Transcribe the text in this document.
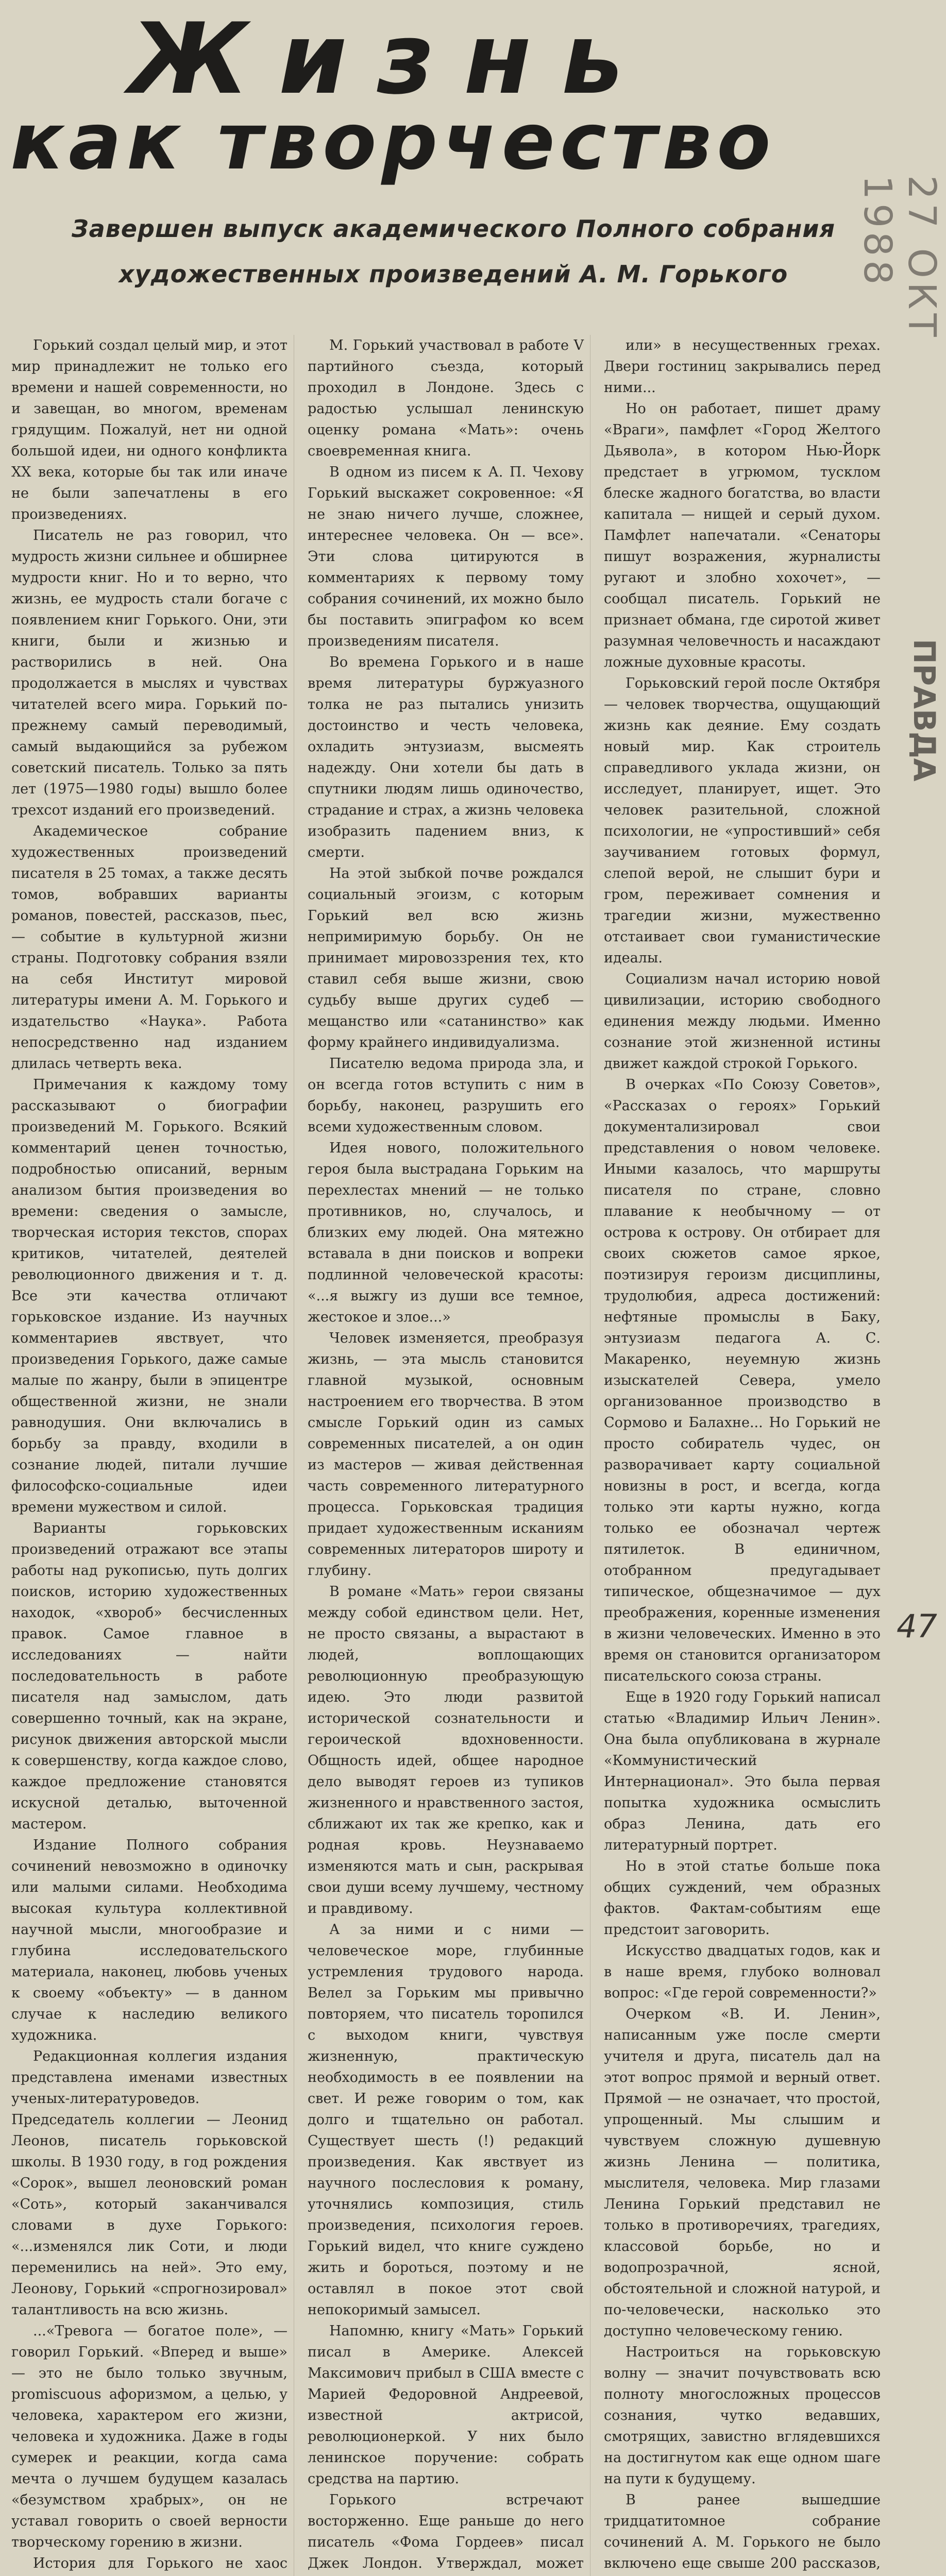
Жизнь
как творчество
Завершен выпуск академического Полного собрания художественных произведений А. М. Горького	27 ОКТ 1988
ПРАВДА
47

Горький создал целый мир, и этот мир принадлежит не только его времени и нашей современности, но и завещан, во многом, временам грядущим. Пожалуй, нет ни одной большой идеи, ни одного конфликта ХХ века, которые бы так или иначе не были запечатлены в его произведениях.

Писатель не раз говорил, что мудрость жизни сильнее и обширнее мудрости книг. Но и то верно, что жизнь, ее мудрость стали богаче с появлением книг Горького. Они, эти книги, были и жизнью и растворились в ней. Она продолжается в мыслях и чувствах читателей всего мира. Горький по-прежнему самый переводимый, самый выдающийся за рубежом советский писатель. Только за пять лет (1975—1980 годы) вышло более трехсот изданий его произведений.

Академическое собрание художественных произведений писателя в 25 томах, а также десять томов, вобравших варианты романов, повестей, рассказов, пьес, — событие в культурной жизни страны. Подготовку собрания взяли на себя Институт мировой литературы имени А. М. Горького и издательство «Наука». Работа непосредственно над изданием длилась четверть века.

Примечания к каждому тому рассказывают о биографии произведений М. Горького. Всякий комментарий ценен точностью, подробностью описаний, верным анализом бытия произведения во времени: сведения о замысле, творческая история текстов, спорах критиков, читателей, деятелей революционного движения и т. д. Все эти качества отличают горьковское издание. Из научных комментариев явствует, что произведения Горького, даже самые малые по жанру, были в эпицентре общественной жизни, не знали равнодушия. Они включались в борьбу за правду, входили в сознание людей, питали лучшие философско-социальные идеи времени мужеством и силой.

Варианты горьковских произведений отражают все этапы работы над рукописью, путь долгих поисков, историю художественных находок, «хвороб» бесчисленных правок. Самое главное в исследованиях — найти последовательность в работе писателя над замыслом, дать совершенно точный, как на экране, рисунок движения авторской мысли к совершенству, когда каждое слово, каждое предложение становятся искусной деталью, выточенной мастером.

Издание Полного собрания сочинений невозможно в одиночку или малыми силами. Необходима высокая культура коллективной научной мысли, многообразие и глубина исследовательского материала, наконец, любовь ученых к своему «объекту» — в данном случае к наследию великого художника.

Редакционная коллегия издания представлена именами известных ученых-литературоведов. Председатель коллегии — Леонид Леонов, писатель горьковской школы. В 1930 году, в год рождения «Сорок», вышел леоновский роман «Соть», который заканчивался словами в духе Горького: «...изменялся лик Соти, и люди переменились на ней». Это ему, Леонову, Горький «спрогнозировал» талантливость на всю жизнь.

...«Тревога — богатое поле», — говорил Горький. «Вперед и выше» — это не было только звучным, promiscuous афоризмом, а целью, у человека, характером его жизни, человека и художника. Даже в годы сумерек и реакции, когда сама мечта о лучшем будущем казалась «безумством храбрых», он не уставал говорить о своей верности творческому горению в жизни.

История для Горького не хаос

М. Горький участвовал в работе V партийного съезда, который проходил в Лондоне. Здесь с радостью услышал ленинскую оценку романа «Мать»: очень своевременная книга.

В одном из писем к А. П. Чехову Горький выскажет сокровенное: «Я не знаю ничего лучше, сложнее, интереснее человека. Он — все». Эти слова цитируются в комментариях к первому тому собрания сочинений, их можно было бы поставить эпиграфом ко всем произведениям писателя.

Во времена Горького и в наше время литературы буржуазного толка не раз пытались унизить достоинство и честь человека, охладить энтузиазм, высмеять надежду. Они хотели бы дать в спутники людям лишь одиночество, страдание и страх, а жизнь человека изобразить падением вниз, к смерти.

На этой зыбкой почве рождался социальный эгоизм, с которым Горький вел всю жизнь непримиримую борьбу. Он не принимает мировоззрения тех, кто ставил себя выше жизни, свою судьбу выше других судеб — мещанство или «сатанинство» как форму крайнего индивидуализма.

Писателю ведома природа зла, и он всегда готов вступить с ним в борьбу, наконец, разрушить его всеми художественным словом.

Идея нового, положительного героя была выстрадана Горьким на перехлестах мнений — не только противников, но, случалось, и близких ему людей. Она мятежно вставала в дни поисков и вопреки подлинной человеческой красоты: «...я выжгу из души все темное, жестокое и злое...»

Человек изменяется, преобразуя жизнь, — эта мысль становится главной музыкой, основным настроением его творчества. В этом смысле Горький один из самых современных писателей, а он один из мастеров — живая действенная часть современного литературного процесса. Горьковская традиция придает художественным исканиям современных литераторов широту и глубину.

В романе «Мать» герои связаны между собой единством цели. Нет, не просто связаны, а вырастают в людей, воплощающих революционную преобразующую идею. Это люди развитой исторической сознательности и героической вдохновенности. Общность идей, общее народное дело выводят героев из тупиков жизненного и нравственного застоя, сближают их так же крепко, как и родная кровь. Неузнаваемо изменяются мать и сын, раскрывая свои души всему лучшему, честному и правдивому.

А за ними и с ними — человеческое море, глубинные устремления трудового народа. Велел за Горьким мы привычно повторяем, что писатель торопился с выходом книги, чувствуя жизненную, практическую необходимость в ее появлении на свет. И реже говорим о том, как долго и тщательно он работал. Существует шесть (!) редакций произведения. Как явствует из научного послесловия к роману, уточнялись композиция, стиль произведения, психология героев. Горький видел, что книге суждено жить и бороться, поэтому и не оставлял в покое этот свой непокоримый замысел.

Напомню, книгу «Мать» Горький писал в Америке. Алексей Максимович прибыл в США вместе с Марией Федоровной Андреевой, известной актрисой, революционеркой. У них было ленинское поручение: собрать средства на партию.

Горького встречают восторженно. Еще раньше до него писатель «Фома Гордеев» писал Джек Лондон. Утверждал, может

или» в несущественных грехах. Двери гостиниц закрывались перед ними...

Но он работает, пишет драму «Враги», памфлет «Город Желтого Дьявола», в котором Нью-Йорк предстает в угрюмом, тусклом блеске жадного богатства, во власти капитала — нищей и серый духом. Памфлет напечатали. «Сенаторы пишут возражения, журналисты ругают и злобно хохочет», — сообщал писатель. Горький не признает обмана, где сиротой живет разумная человечность и насаждают ложные духовные красоты.

Горьковский герой после Октября — человек творчества, ощущающий жизнь как деяние. Ему создать новый мир. Как строитель справедливого уклада жизни, он исследует, планирует, ищет. Это человек разительной, сложной психологии, не «упростивший» себя заучиванием готовых формул, слепой верой, не слышит бури и гром, переживает сомнения и трагедии жизни, мужественно отстаивает свои гуманистические идеалы.

Социализм начал историю новой цивилизации, историю свободного единения между людьми. Именно сознание этой жизненной истины движет каждой строкой Горького.

В очерках «По Союзу Советов», «Рассказах о героях» Горький документализировал свои представления о новом человеке. Иными казалось, что маршруты писателя по стране, словно плавание к необычному — от острова к острову. Он отбирает для своих сюжетов самое яркое, поэтизируя героизм дисциплины, трудолюбия, адреса достижений: нефтяные промыслы в Баку, энтузиазм педагога А. С. Макаренко, неуемную жизнь изыскателей Севера, умело организованное производство в Сормово и Балахне... Но Горький не просто собиратель чудес, он разворачивает карту социальной новизны в рост, и всегда, когда только эти карты нужно, когда только ее обозначал чертеж пятилеток. В единичном, отобранном предугадывает типическое, общезначимое — дух преображения, коренные изменения в жизни человеческих. Именно в это время он становится организатором писательского союза страны.

Еще в 1920 году Горький написал статью «Владимир Ильич Ленин». Она была опубликована в журнале «Коммунистический Интернационал». Это была первая попытка художника осмыслить образ Ленина, дать его литературный портрет.

Но в этой статье больше пока общих суждений, чем образных фактов. Фактам-событиям еще предстоит заговорить.

Искусство двадцатых годов, как и в наше время, глубоко волновал вопрос: «Где герой современности?»

Очерком «В. И. Ленин», написанным уже после смерти учителя и друга, писатель дал на этот вопрос прямой и верный ответ. Прямой — не означает, что простой, упрощенный. Мы слышим и чувствуем сложную душевную жизнь Ленина — политика, мыслителя, человека. Мир глазами Ленина Горький представил не только в противоречиях, трагедиях, классовой борьбе, но и водопрозрачной, ясной, обстоятельной и сложной натурой, и по-человечески, насколько это доступно человеческому гению.

Настроиться на горьковскую волну — значит почувствовать всю полноту многосложных процессов сознания, чутко ведавших, смотрящих, завистно вглядевшихся на достигнутом как еще одном шаге на пути к будущему.

В ранее вышедшие тридцатитомное собрание сочинений А. М. Горького не было включено еще свыше 200 рассказов,
